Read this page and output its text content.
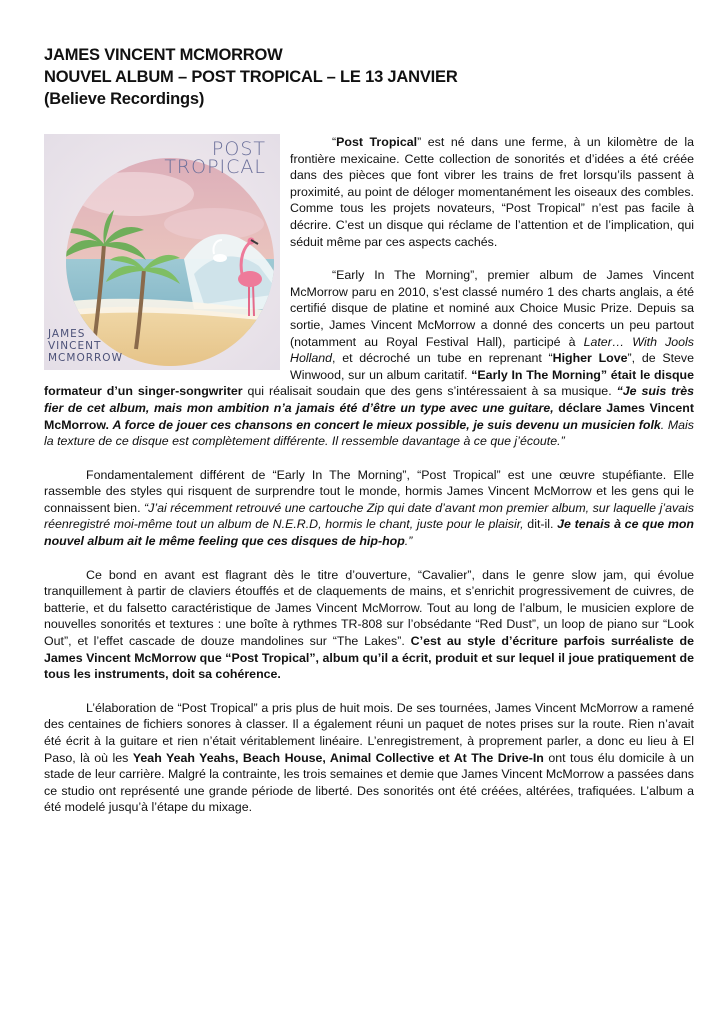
JAMES VINCENT MCMORROW
NOUVEL ALBUM – POST TROPICAL – LE 13 JANVIER
(Believe Recordings)
POST
TROPICAL
JAMES
VINCENT
MCMORROW

“Post Tropical” est né dans une ferme, à un kilomètre de la frontière mexicaine. Cette collection de sonorités et d’idées a été créée dans des pièces que font vibrer les trains de fret lorsqu’ils passent à proximité, au point de déloger momentanément les oiseaux des combles. Comme tous les projets novateurs, “Post Tropical” n’est pas facile à décrire. C’est un disque qui réclame de l’attention et de l’implication, qui séduit même par ces aspects cachés.

“Early In The Morning”, premier album de James Vincent McMorrow paru en 2010, s’est classé numéro 1 des charts anglais, a été certifié disque de platine et nominé aux Choice Music Prize. Depuis sa sortie, James Vincent McMorrow a donné des concerts un peu partout (notamment au Royal Festival Hall), participé à Later… With Jools Holland, et décroché un tube en reprenant “Higher Love”, de Steve Winwood, sur un album caritatif. “Early In The Morning” était le disque formateur d’un singer-songwriter qui réalisait soudain que des gens s’intéressaient à sa musique. “Je suis très fier de cet album, mais mon ambition n’a jamais été d’être un type avec une guitare, déclare James Vincent McMorrow. A force de jouer ces chansons en concert le mieux possible, je suis devenu un musicien folk. Mais la texture de ce disque est complètement différente. Il ressemble davantage à ce que j’écoute.”

Fondamentalement différent de “Early In The Morning”, “Post Tropical” est une œuvre stupéfiante. Elle rassemble des styles qui risquent de surprendre tout le monde, hormis James Vincent McMorrow et les gens qui le connaissent bien. “J’ai récemment retrouvé une cartouche Zip qui date d’avant mon premier album, sur laquelle j’avais réenregistré moi-même tout un album de N.E.R.D, hormis le chant, juste pour le plaisir, dit-il. Je tenais à ce que mon nouvel album ait le même feeling que ces disques de hip-hop.”

Ce bond en avant est flagrant dès le titre d’ouverture, “Cavalier”, dans le genre slow jam, qui évolue tranquillement à partir de claviers étouffés et de claquements de mains, et s’enrichit progressivement de cuivres, de batterie, et du falsetto caractéristique de James Vincent McMorrow. Tout au long de l’album, le musicien explore de nouvelles sonorités et textures : une boîte à rythmes TR-808 sur l’obsédante “Red Dust”, un loop de piano sur “Look Out”, et l’effet cascade de douze mandolines sur “The Lakes”. C’est au style d’écriture parfois surréaliste de James Vincent McMorrow que “Post Tropical”, album qu’il a écrit, produit et sur lequel il joue pratiquement de tous les instruments, doit sa cohérence.

L’élaboration de “Post Tropical” a pris plus de huit mois. De ses tournées, James Vincent McMorrow a ramené des centaines de fichiers sonores à classer. Il a également réuni un paquet de notes prises sur la route. Rien n’avait été écrit à la guitare et rien n’était véritablement linéaire. L’enregistrement, à proprement parler, a donc eu lieu à El Paso, là où les Yeah Yeah Yeahs, Beach House, Animal Collective et At The Drive-In ont tous élu domicile à un stade de leur carrière. Malgré la contrainte, les trois semaines et demie que James Vincent McMorrow a passées dans ce studio ont représenté une grande période de liberté. Des sonorités ont été créées, altérées, trafiquées. L’album a été modelé jusqu’à l’étape du mixage.
